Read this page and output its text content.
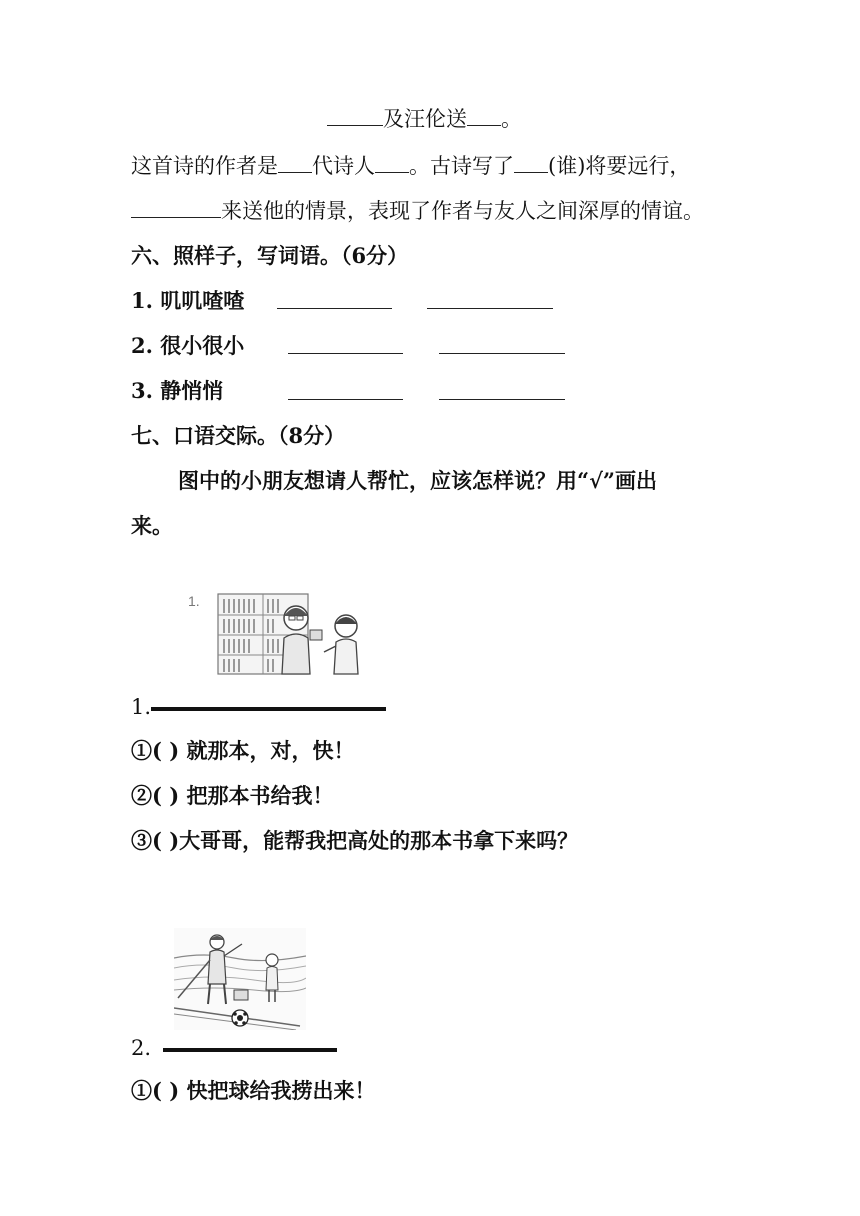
及汪伦送 。
这首诗的作者是 代诗人 。古诗写了 (谁)将要远行，
来送他的情景，表现了作者与友人之间深厚的情谊。
六、照样子，写词语。（6分）
1. 叽叽喳喳
2. 很小很小
3. 静悄悄
七、口语交际。（8分）
图中的小朋友想请人帮忙，应该怎样说？用“√”画出
来。
1.
1.
①( ) 就那本，对，快！
②( ) 把那本书给我！
③( )大哥哥，能帮我把高处的那本书拿下来吗？
2.
①( ) 快把球给我捞出来！
